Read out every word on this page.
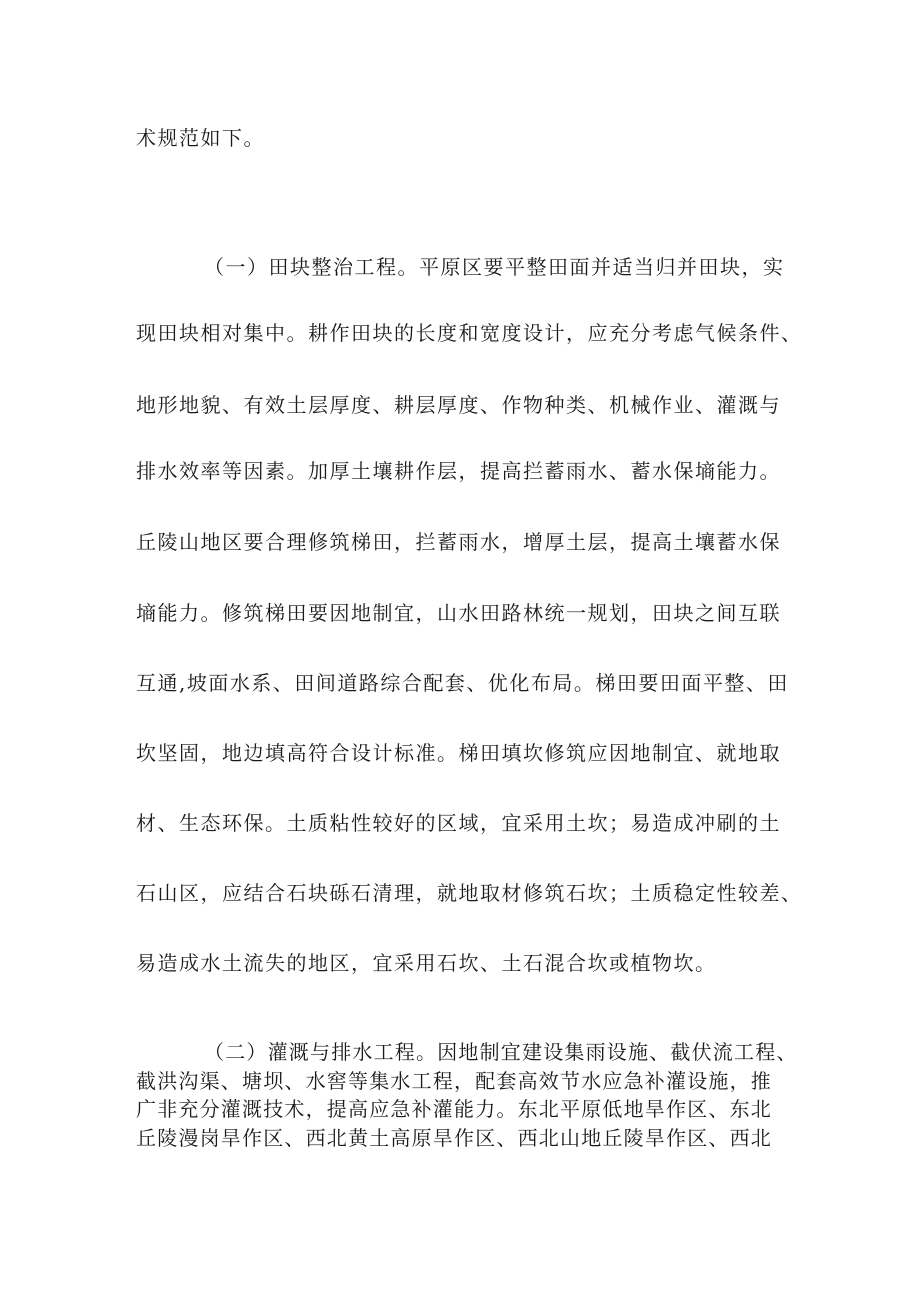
术规范如下。
（一）田块整治工程。平原区要平整田面并适当归并田块，实
现田块相对集中。耕作田块的长度和宽度设计，应充分考虑气候条件、
地形地貌、有效土层厚度、耕层厚度、作物种类、机械作业、灌溉与
排水效率等因素。加厚土壤耕作层，提高拦蓄雨水、蓄水保墒能力。
丘陵山地区要合理修筑梯田，拦蓄雨水，增厚土层，提高土壤蓄水保
墒能力。修筑梯田要因地制宜，山水田路林统一规划，田块之间互联
互通,坡面水系、田间道路综合配套、优化布局。梯田要田面平整、田
坎坚固，地边填高符合设计标准。梯田填坎修筑应因地制宜、就地取
材、生态环保。土质粘性较好的区域，宜采用土坎；易造成冲刷的土
石山区，应结合石块砾石清理，就地取材修筑石坎；土质稳定性较差、
易造成水土流失的地区，宜采用石坎、土石混合坎或植物坎。
（二）灌溉与排水工程。因地制宜建设集雨设施、截伏流工程、
截洪沟渠、塘坝、水窖等集水工程，配套高效节水应急补灌设施，推
广非充分灌溉技术，提高应急补灌能力。东北平原低地旱作区、东北
丘陵漫岗旱作区、西北黄土高原旱作区、西北山地丘陵旱作区、西北
